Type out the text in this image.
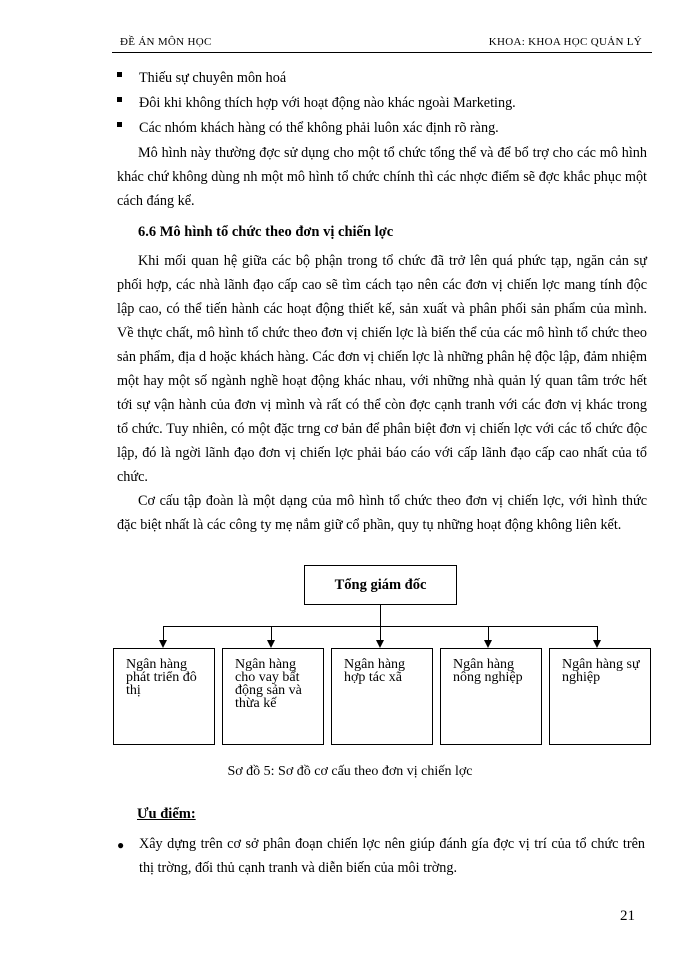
ĐỀ ÁN MÔN HỌC	KHOA: KHOA HỌC QUẢN LÝ
Thiếu sự chuyên môn hoá
Đôi khi không thích hợp với hoạt động nào khác ngoài Marketing.
Các nhóm khách hàng có thể không phải luôn xác định rõ ràng.
Mô hình này thường đợc sử dụng cho một tổ chức tổng thể và để bổ trợ cho các mô hình khác chứ không dùng nh một mô hình tổ chức chính thì các nhợc điểm sẽ đợc khắc phục một cách đáng kể.
6.6 Mô hình tổ chức theo đơn vị chiến lợc
Khi mối quan hệ giữa các bộ phận trong tổ chức đã trở lên quá phức tạp, ngăn cản sự phối hợp, các nhà lãnh đạo cấp cao sẽ tìm cách tạo nên các đơn vị chiến lợc mang tính độc lập cao, có thể tiến hành các hoạt động thiết kế, sản xuất và phân phối sản phẩm của mình. Về thực chất, mô hình tổ chức theo đơn vị chiến lợc là biến thể của các mô hình tổ chức theo sản phẩm, địa d hoặc khách hàng. Các đơn vị chiến lợc là những phân hệ độc lập, đảm nhiệm một hay một số ngành nghề hoạt động khác nhau, với những nhà quản lý quan tâm trớc hết tới sự vận hành của đơn vị mình và rất có thể còn đợc cạnh tranh với các đơn vị khác trong tổ chức. Tuy nhiên, có một đặc trng cơ bản để phân biệt đơn vị chiến lợc với các tổ chức độc lập, đó là ngời lãnh đạo đơn vị chiến lợc phải báo cáo với cấp lãnh đạo cấp cao nhất của tổ chức.
Cơ cấu tập đoàn là một dạng của mô hình tổ chức theo đơn vị chiến lợc, với hình thức đặc biệt nhất là các công ty mẹ nắm giữ cổ phần, quy tụ những hoạt động không liên kết.
Tổng giám đốc
Ngân hàng phát triển đô thị
Ngân hàng cho vay bất động sản và thừa kế
Ngân hàng hợp tác xã
Ngân hàng nông nghiệp
Ngân hàng sự nghiệp
Sơ đồ 5: Sơ đồ cơ cấu theo đơn vị chiến lợc
Ưu điểm:
● Xây dựng trên cơ sở phân đoạn chiến lợc nên giúp đánh gía đợc vị trí của tổ chức trên thị trờng, đối thủ cạnh tranh và diễn biến của môi trờng.
21
